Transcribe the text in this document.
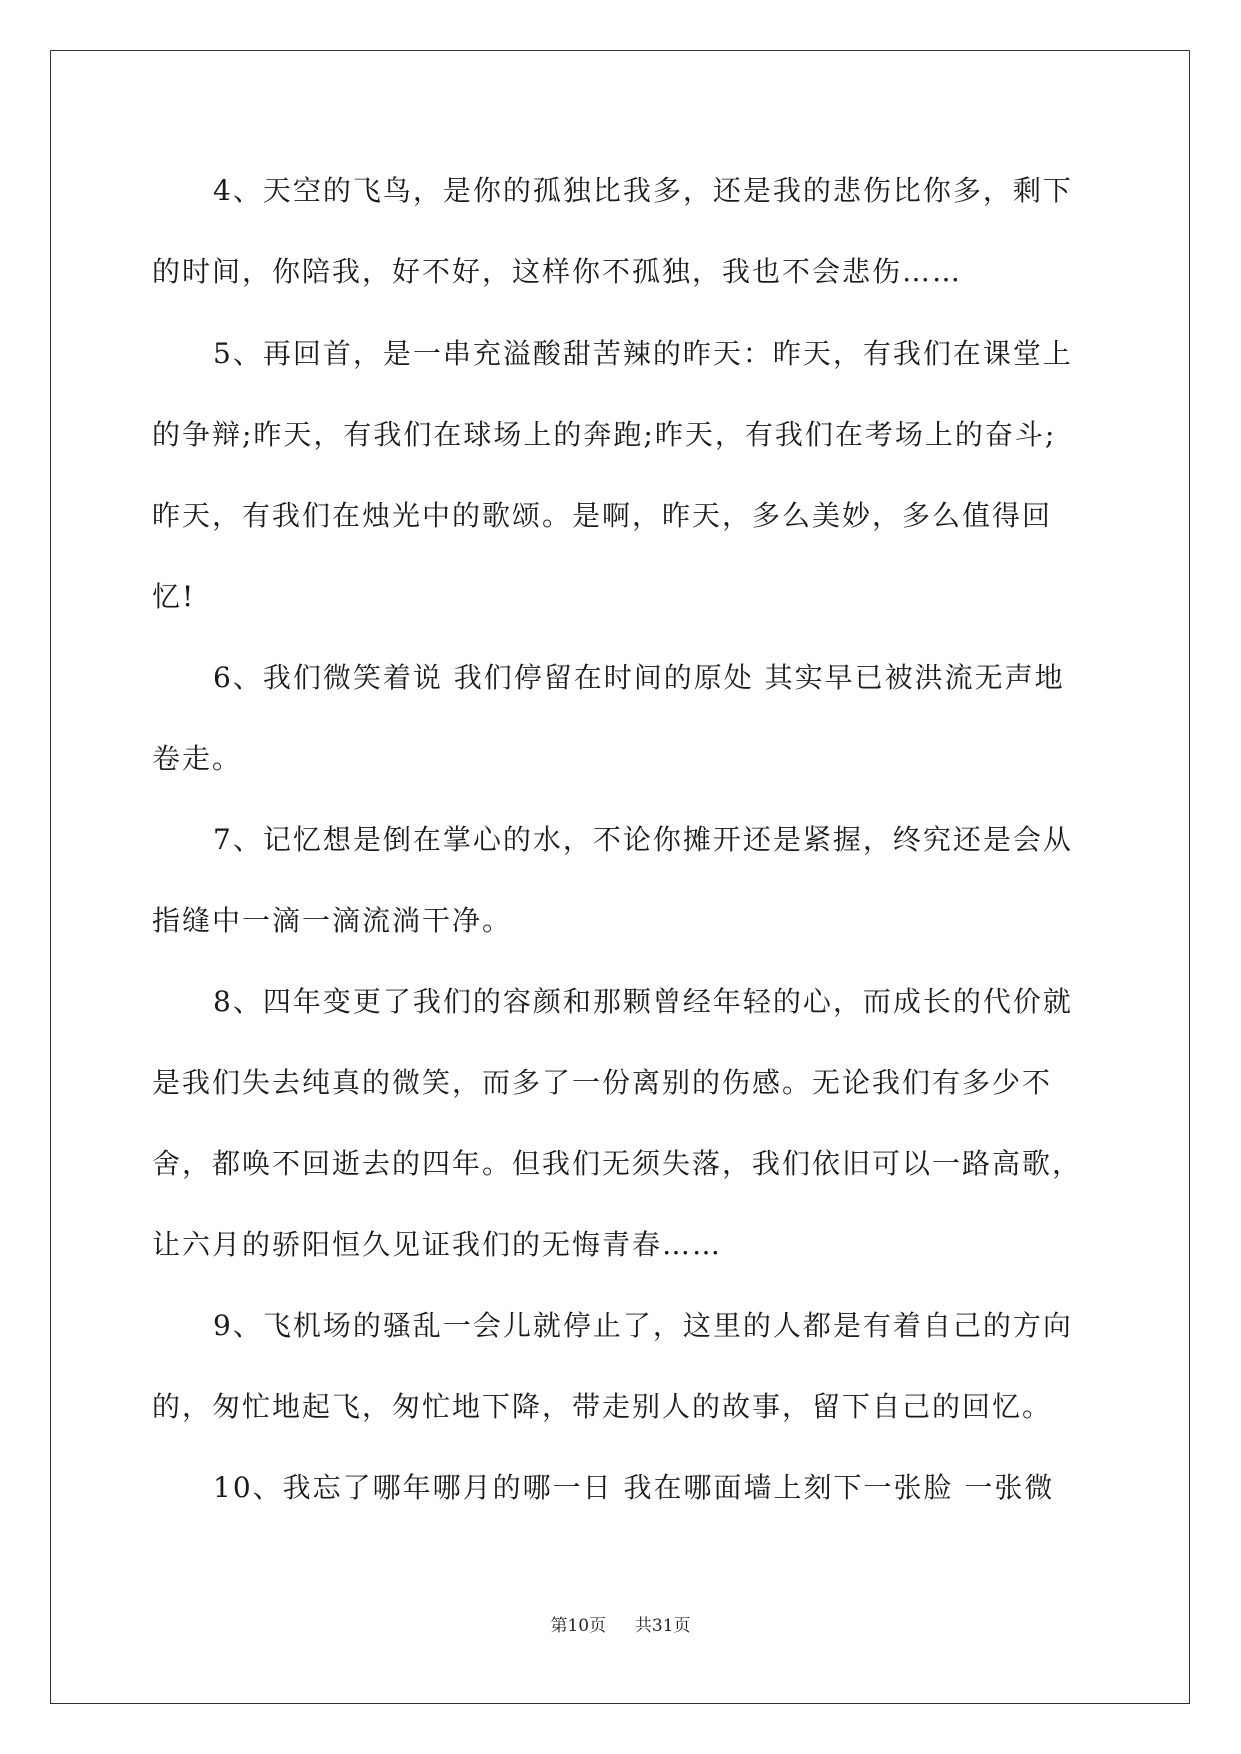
4、天空的飞鸟，是你的孤独比我多，还是我的悲伤比你多，剩下
的时间，你陪我，好不好，这样你不孤独，我也不会悲伤……
5、再回首，是一串充溢酸甜苦辣的昨天：昨天，有我们在课堂上
的争辩;昨天，有我们在球场上的奔跑;昨天，有我们在考场上的奋斗;
昨天，有我们在烛光中的歌颂。是啊，昨天，多么美妙，多么值得回
忆!
6、我们微笑着说 我们停留在时间的原处 其实早已被洪流无声地
卷走。
7、记忆想是倒在掌心的水，不论你摊开还是紧握，终究还是会从
指缝中一滴一滴流淌干净。
8、四年变更了我们的容颜和那颗曾经年轻的心，而成长的代价就
是我们失去纯真的微笑，而多了一份离别的伤感。无论我们有多少不
舍，都唤不回逝去的四年。但我们无须失落，我们依旧可以一路高歌，
让六月的骄阳恒久见证我们的无悔青春……
9、飞机场的骚乱一会儿就停止了，这里的人都是有着自己的方向
的，匆忙地起飞，匆忙地下降，带走别人的故事，留下自己的回忆。
10、我忘了哪年哪月的哪一日 我在哪面墙上刻下一张脸 一张微
第10页 共31页
